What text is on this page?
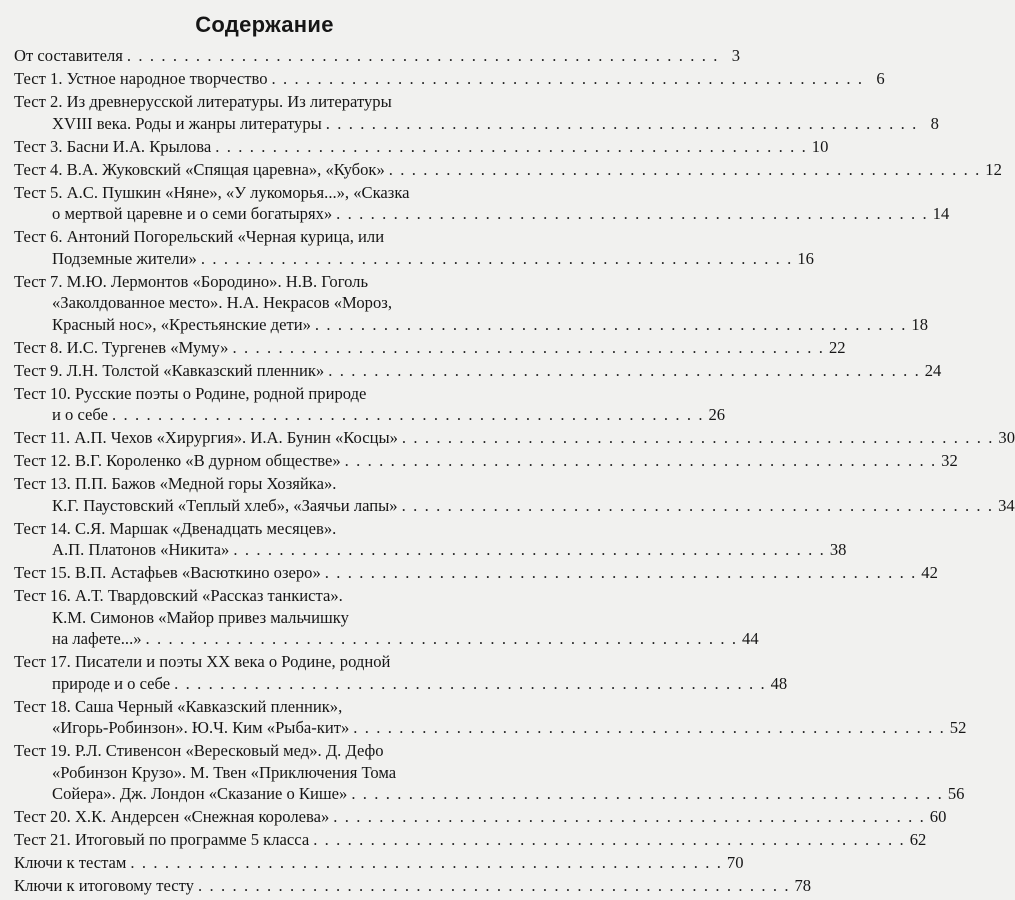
Содержание
От составителя . . . . . . . . . . . . . . . . . . . . . . . . . . . . . . . . . . . . . . . . . . . . . . . . . . . . 3
Тест 1. Устное народное творчество . . . . . . . . . . . . . . . . . . . . . . . . . . . . . . . . . . . . . . . . . . . . . . . . . . . . 6
Тест 2. Из древнерусской литературы. Из литературы
XVIII века. Роды и жанры литературы . . . . . . . . . . . . . . . . . . . . . . . . . . . . . . . . . . . . . . . . . . . . . . . . . . . . 8
Тест 3. Басни И.А. Крылова . . . . . . . . . . . . . . . . . . . . . . . . . . . . . . . . . . . . . . . . . . . . . . . . . . . . 10
Тест 4. В.А. Жуковский «Спящая царевна», «Кубок» . . . . . . . . . . . . . . . . . . . . . . . . . . . . . . . . . . . . . . . . . . . . . . . . . . . . 12
Тест 5. А.С. Пушкин «Няне», «У лукоморья...», «Сказка
о мертвой царевне и о семи богатырях» . . . . . . . . . . . . . . . . . . . . . . . . . . . . . . . . . . . . . . . . . . . . . . . . . . . . 14
Тест 6. Антоний Погорельский «Черная курица, или
Подземные жители» . . . . . . . . . . . . . . . . . . . . . . . . . . . . . . . . . . . . . . . . . . . . . . . . . . . . 16
Тест 7. М.Ю. Лермонтов «Бородино». Н.В. Гоголь
«Заколдованное место». Н.А. Некрасов «Мороз,
Красный нос», «Крестьянские дети» . . . . . . . . . . . . . . . . . . . . . . . . . . . . . . . . . . . . . . . . . . . . . . . . . . . . 18
Тест 8. И.С. Тургенев «Муму» . . . . . . . . . . . . . . . . . . . . . . . . . . . . . . . . . . . . . . . . . . . . . . . . . . . . 22
Тест 9. Л.Н. Толстой «Кавказский пленник» . . . . . . . . . . . . . . . . . . . . . . . . . . . . . . . . . . . . . . . . . . . . . . . . . . . . 24
Тест 10. Русские поэты о Родине, родной природе
и о себе . . . . . . . . . . . . . . . . . . . . . . . . . . . . . . . . . . . . . . . . . . . . . . . . . . . . 26
Тест 11. А.П. Чехов «Хирургия». И.А. Бунин «Косцы» . . . . . . . . . . . . . . . . . . . . . . . . . . . . . . . . . . . . . . . . . . . . . . . . . . . . 30
Тест 12. В.Г. Короленко «В дурном обществе» . . . . . . . . . . . . . . . . . . . . . . . . . . . . . . . . . . . . . . . . . . . . . . . . . . . . 32
Тест 13. П.П. Бажов «Медной горы Хозяйка».
К.Г. Паустовский «Теплый хлеб», «Заячьи лапы» . . . . . . . . . . . . . . . . . . . . . . . . . . . . . . . . . . . . . . . . . . . . . . . . . . . . 34
Тест 14. С.Я. Маршак «Двенадцать месяцев».
А.П. Платонов «Никита» . . . . . . . . . . . . . . . . . . . . . . . . . . . . . . . . . . . . . . . . . . . . . . . . . . . . 38
Тест 15. В.П. Астафьев «Васюткино озеро» . . . . . . . . . . . . . . . . . . . . . . . . . . . . . . . . . . . . . . . . . . . . . . . . . . . . 42
Тест 16. А.Т. Твардовский «Рассказ танкиста».
К.М. Симонов «Майор привез мальчишку
на лафете...» . . . . . . . . . . . . . . . . . . . . . . . . . . . . . . . . . . . . . . . . . . . . . . . . . . . . 44
Тест 17. Писатели и поэты XX века о Родине, родной
природе и о себе . . . . . . . . . . . . . . . . . . . . . . . . . . . . . . . . . . . . . . . . . . . . . . . . . . . . 48
Тест 18. Саша Черный «Кавказский пленник»,
«Игорь-Робинзон». Ю.Ч. Ким «Рыба-кит» . . . . . . . . . . . . . . . . . . . . . . . . . . . . . . . . . . . . . . . . . . . . . . . . . . . . 52
Тест 19. Р.Л. Стивенсон «Вересковый мед». Д. Дефо
«Робинзон Крузо». М. Твен «Приключения Тома
Сойера». Дж. Лондон «Сказание о Кише» . . . . . . . . . . . . . . . . . . . . . . . . . . . . . . . . . . . . . . . . . . . . . . . . . . . . 56
Тест 20. Х.К. Андерсен «Снежная королева» . . . . . . . . . . . . . . . . . . . . . . . . . . . . . . . . . . . . . . . . . . . . . . . . . . . . 60
Тест 21. Итоговый по программе 5 класса . . . . . . . . . . . . . . . . . . . . . . . . . . . . . . . . . . . . . . . . . . . . . . . . . . . . 62
Ключи к тестам . . . . . . . . . . . . . . . . . . . . . . . . . . . . . . . . . . . . . . . . . . . . . . . . . . . . 70
Ключи к итоговому тесту . . . . . . . . . . . . . . . . . . . . . . . . . . . . . . . . . . . . . . . . . . . . . . . . . . . . 78
